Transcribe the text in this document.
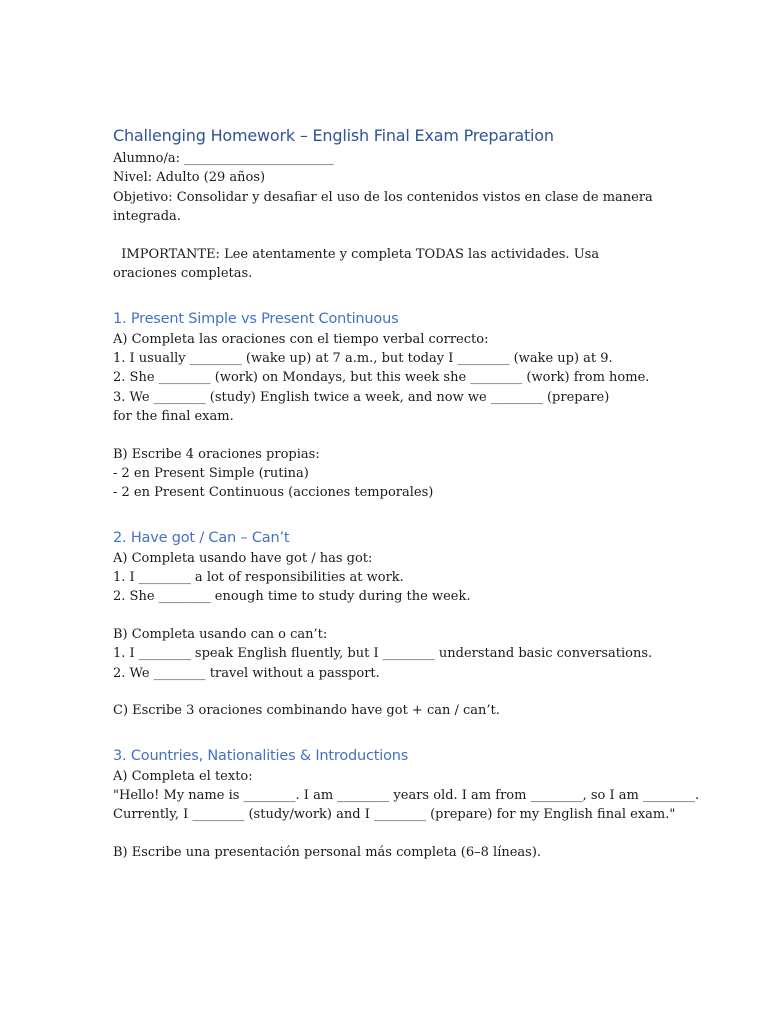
Challenging Homework – English Final Exam Preparation

Alumno/a: _______________________

Nivel: Adulto (29 años)

Objetivo: Consolidar y desafiar el uso de los contenidos vistos en clase de manera integrada.

IMPORTANTE: Lee atentamente y completa TODAS las actividades. Usa oraciones completas.

1. Present Simple vs Present Continuous

A) Completa las oraciones con el tiempo verbal correcto:

1. I usually ________ (wake up) at 7 a.m., but today I ________ (wake up) at 9.

2. She ________ (work) on Mondays, but this week she ________ (work) from home.

3. We ________ (study) English twice a week, and now we ________ (prepare) for the final exam.

B) Escribe 4 oraciones propias:

- 2 en Present Simple (rutina)

- 2 en Present Continuous (acciones temporales)

2. Have got / Can – Can’t

A) Completa usando have got / has got:

1. I ________ a lot of responsibilities at work.

2. She ________ enough time to study during the week.

B) Completa usando can o can’t:

1. I ________ speak English fluently, but I ________ understand basic conversations.

2. We ________ travel without a passport.

C) Escribe 3 oraciones combinando have got + can / can’t.

3. Countries, Nationalities & Introductions

A) Completa el texto:

"Hello! My name is ________. I am ________ years old. I am from ________, so I am ________.

Currently, I ________ (study/work) and I ________ (prepare) for my English final exam."

B) Escribe una presentación personal más completa (6–8 líneas).
